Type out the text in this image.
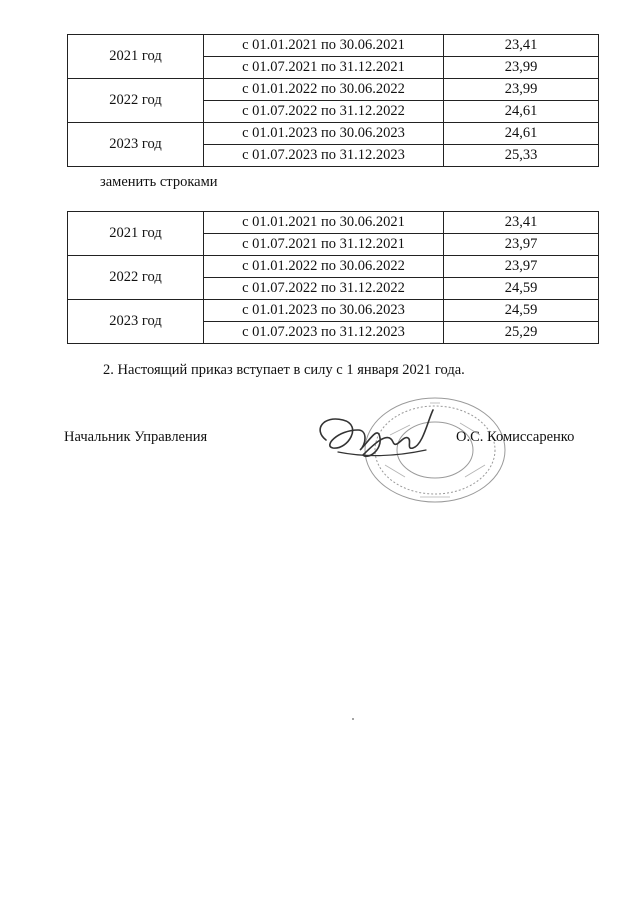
2021 год	с 01.01.2021 по 30.06.2021	23,41
	с 01.07.2021 по 31.12.2021	23,99
2022 год	с 01.01.2022 по 30.06.2022	23,99
	с 01.07.2022 по 31.12.2022	24,61
2023 год	с 01.01.2023 по 30.06.2023	24,61
	с 01.07.2023 по 31.12.2023	25,33
заменить строками
2021 год	с 01.01.2021 по 30.06.2021	23,41
	с 01.07.2021 по 31.12.2021	23,97
2022 год	с 01.01.2022 по 30.06.2022	23,97
	с 01.07.2022 по 31.12.2022	24,59
2023 год	с 01.01.2023 по 30.06.2023	24,59
	с 01.07.2023 по 31.12.2023	25,29
2. Настоящий приказ вступает в силу с 1 января 2021 года.
Начальник Управления	О.С. Комиссаренко
